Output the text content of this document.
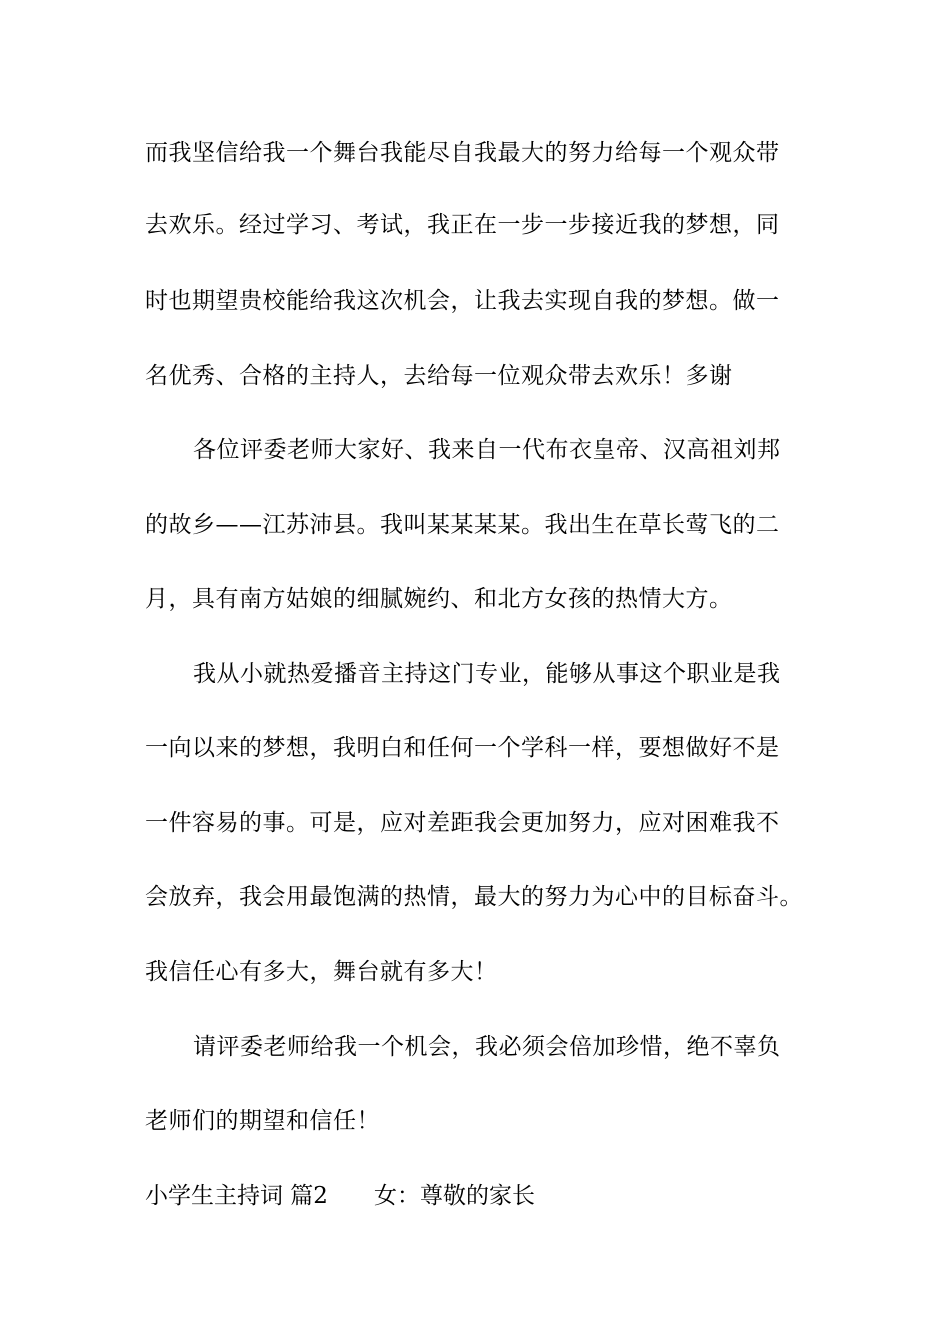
而我坚信给我一个舞台我能尽自我最大的努力给每一个观众带
去欢乐。经过学习、考试，我正在一步一步接近我的梦想，同
时也期望贵校能给我这次机会，让我去实现自我的梦想。做一
名优秀、合格的主持人，去给每一位观众带去欢乐！多谢
各位评委老师大家好、我来自一代布衣皇帝、汉高祖刘邦
的故乡——江苏沛县。我叫某某某某。我出生在草长莺飞的二
月，具有南方姑娘的细腻婉约、和北方女孩的热情大方。
我从小就热爱播音主持这门专业，能够从事这个职业是我
一向以来的梦想，我明白和任何一个学科一样，要想做好不是
一件容易的事。可是，应对差距我会更加努力，应对困难我不
会放弃，我会用最饱满的热情，最大的努力为心中的目标奋斗。
我信任心有多大，舞台就有多大！
请评委老师给我一个机会，我必须会倍加珍惜，绝不辜负
老师们的期望和信任！
小学生主持词 篇2 女：尊敬的家长
